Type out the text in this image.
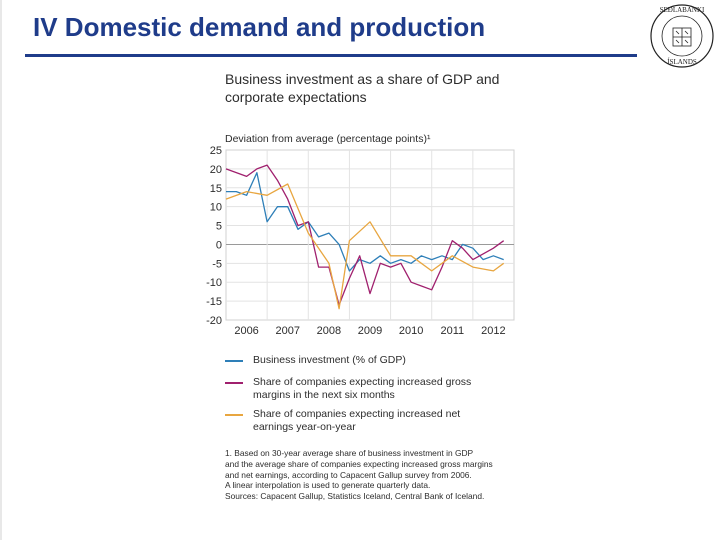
IV Domestic demand and production
SEÐLABANKI
ÍSLANDS
Business investment as a share of GDP and corporate expectations
Deviation from average (percentage points)¹
25
20
15
10
5
0
-5
-10
-15
-20
2006 2007 2008 2009 2010 2011 2012
Business investment (% of GDP)
Share of companies expecting increased gross margins in the next six months
Share of companies expecting increased net earnings year-on-year
1. Based on 30-year average share of business investment in GDP
and the average share of companies expecting increased gross margins
and net earnings, according to Capacent Gallup survey from 2006.
A linear interpolation is used to generate quarterly data.
Sources: Capacent Gallup, Statistics Iceland, Central Bank of Iceland.
